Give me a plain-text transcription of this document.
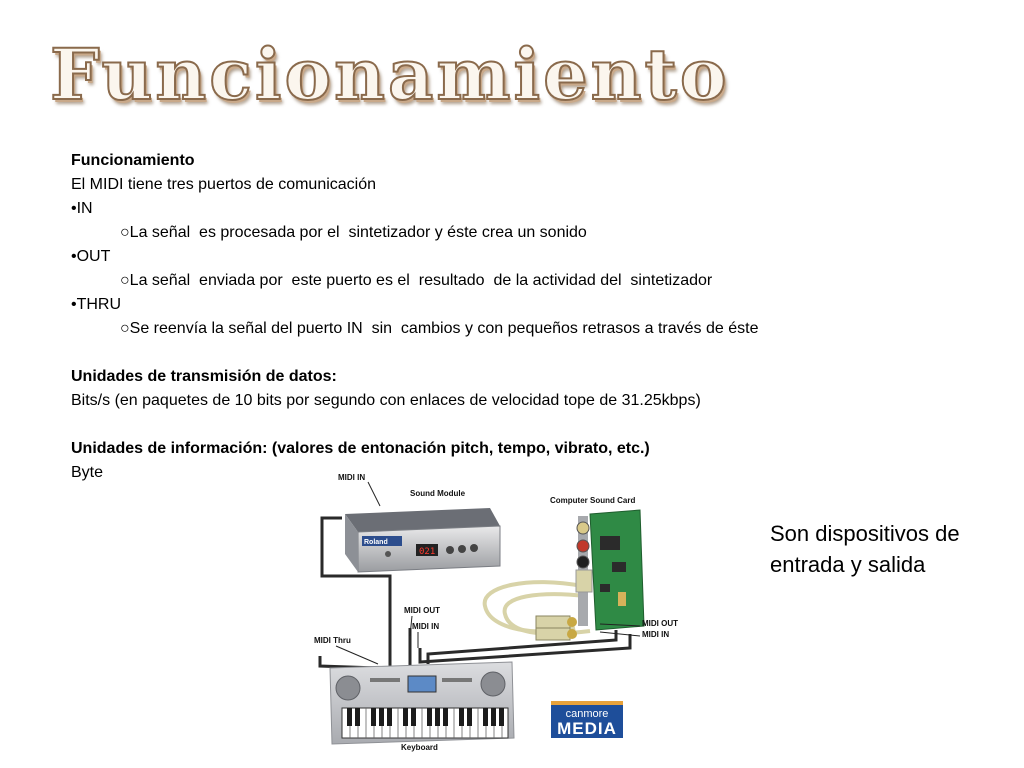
Funcionamiento
Funcionamiento
El MIDI tiene tres puertos de comunicación
•IN
○La señal  es procesada por el  sintetizador y éste crea un sonido
•OUT
○La señal  enviada por  este puerto es el  resultado  de la actividad del  sintetizador
•THRU
○Se reenvía la señal del puerto IN  sin  cambios y con pequeños retrasos a través de éste
Unidades de transmisión de datos:
Bits/s (en paquetes de 10 bits por segundo con enlaces de velocidad tope de 31.25kbps)
Unidades de información: (valores de entonación pitch, tempo, vibrato, etc.)
Byte
Son dispositivos de entrada y salida
Roland
021
MIDI IN
Sound Module
Computer Sound Card
MIDI OUT
MIDI IN
MIDI Thru
MIDI OUT
MIDI IN
Keyboard
canmore
MEDIA
